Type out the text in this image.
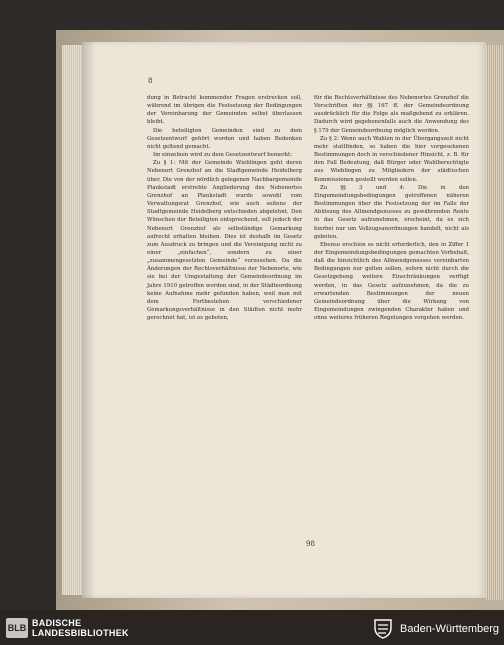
8

dung in Betracht kommender Fragen erstrecken soll, während im übrigen die Festsetzung der Bedingungen der Vereinbarung der Gemeinden selbst überlassen bleibt.

Die beteiligten Gemeinden sind zu dem Gesetzentwurf gehört worden und haben Bedenken nicht geltend gemacht.

Im einzelnen wird zu dem Gesetzentwurf bemerkt:

Zu § 1: Mit der Gemeinde Wieblingen geht deren Nebenort Grenzhof an die Stadtgemeinde Heidelberg über. Die von der nördlich gelegenen Nachbargemeinde Plankstadt erstrebte Angliederung des Nebenortes Grenzhof an Plankstadt wurde sowohl vom Verwaltungsrat Grenzhof, wie auch seitens der Stadtgemeinde Heidelberg entschieden abgelehnt. Den Wünschen der Beteiligten entsprechend, soll jedoch der Nebenort Grenzhof als selbständige Gemarkung aufrecht erhalten bleiben. Dies ist deshalb im Gesetz zum Ausdruck zu bringen und die Vereinigung nicht zu einer „einfachen“, sondern zu einer „zusammengesetzten Gemeinde“ vorzusehen. Da die Änderungen der Rechtsverhältnisse der Nebenorte, wie sie bei der Umgestaltung der Gemeindeordnung im Jahre 1910 getroffen worden sind, in der Städteordnung keine Aufnahme mehr gefunden haben, weil man mit dem Fortbestehen verschiedener Gemarkungsverhältnisse in den Städten nicht mehr gerechnet hat, ist es geboten,

für die Rechtsverhältnisse des Nebenortes Grenzhof die Vorschriften der §§ 167 ff. der Gemeindeordnung ausdrücklich für die Folge als maßgebend zu erklären. Dadurch wird gegebenenfalls auch die Anwendung des § 179 der Gemeindeordnung möglich werden.

Zu § 2: Wenn auch Wahlen in der Übergangszeit nicht mehr stattfinden, so haben die hier vorgesehenen Bestimmungen doch in verschiedener Hinsicht, z. B. für den Fall Bedeutung, daß Bürger oder Wahlberechtigte aus Wieblingen zu Mitgliedern der städtischen Kommissionen gestellt werden sollen.

Zu §§ 3 und 4: Die in den Eingemeindungsbedingungen getroffenen näheren Bestimmungen über die Festsetzung der im Falle der Ablösung des Allmendgenusses zu gewährenden Rente in das Gesetz aufzunehmen, erscheint, da es sich hierbei nur um Vollzugsanordnungen handelt, nicht als geboten.

Ebenso erschien es nicht erforderlich, den in Ziffer 1 der Eingemeindungsbedingungen gemachten Vorbehalt, daß die hinsichtlich des Allmendgenusses vereinbarten Bedingungen nur gelten sollen, sofern nicht durch die Gesetzgebung weitere Einschränkungen verfügt werden, in das Gesetz aufzunehmen, da die zu erwartenden Bestimmungen der neuen Gemeindeordnung über die Wirkung von Eingemeindungen zwingenden Charakter haben und ohne weiteres früheren Regelungen vorgehen werden.

98
BLB BADISCHE
LANDESBIBLIOTHEK	Baden-Württemberg
